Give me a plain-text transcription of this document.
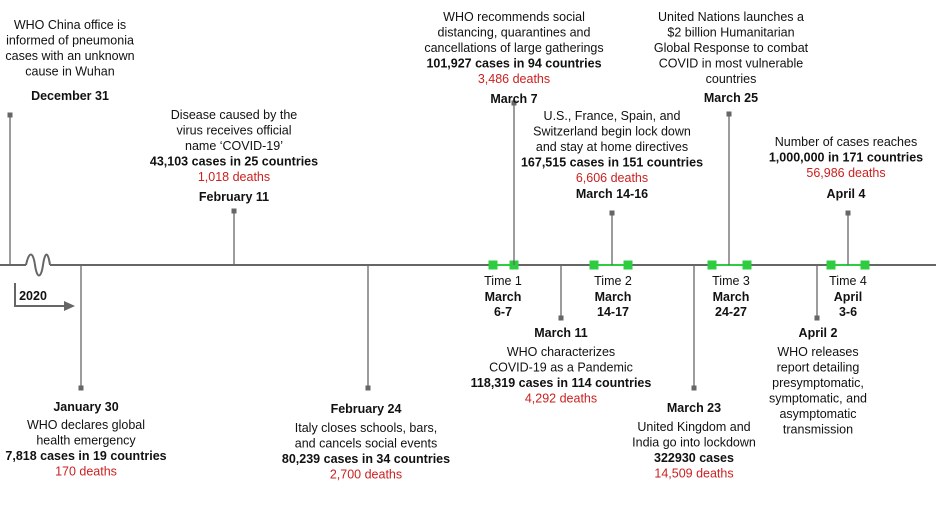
2020
Time 1
March
6-7
Time 2
March
14-17
Time 3
March
24-27
Time 4
April
3-6
WHO China office is
informed of pneumonia
cases with an unknown
cause in Wuhan
December 31
WHO declares global
health emergency
7,818 cases in 19 countries
170 deaths
January 30
Disease caused by the
virus receives official
name ‘COVID-19’
43,103 cases in 25 countries
1,018 deaths
February 11
Italy closes schools, bars,
and cancels social events
80,239 cases in 34 countries
2,700 deaths
February 24
WHO recommends social
distancing, quarantines and
cancellations of large gatherings
101,927 cases in 94 countries
3,486 deaths
March 7
WHO characterizes
COVID-19 as a Pandemic
118,319 cases in 114 countries
4,292 deaths
March 11
U.S., France, Spain, and
Switzerland begin lock down
and stay at home directives
167,515 cases in 151 countries
6,606 deaths
March 14-16
United Kingdom and
India go into lockdown
322930 cases
14,509 deaths
March 23
United Nations launches a
$2 billion Humanitarian
Global Response to combat
COVID in most vulnerable
countries
March 25
WHO releases
report detailing
presymptomatic,
symptomatic, and
asymptomatic
transmission
April 2
Number of cases reaches
1,000,000 in 171 countries
56,986 deaths
April 4
